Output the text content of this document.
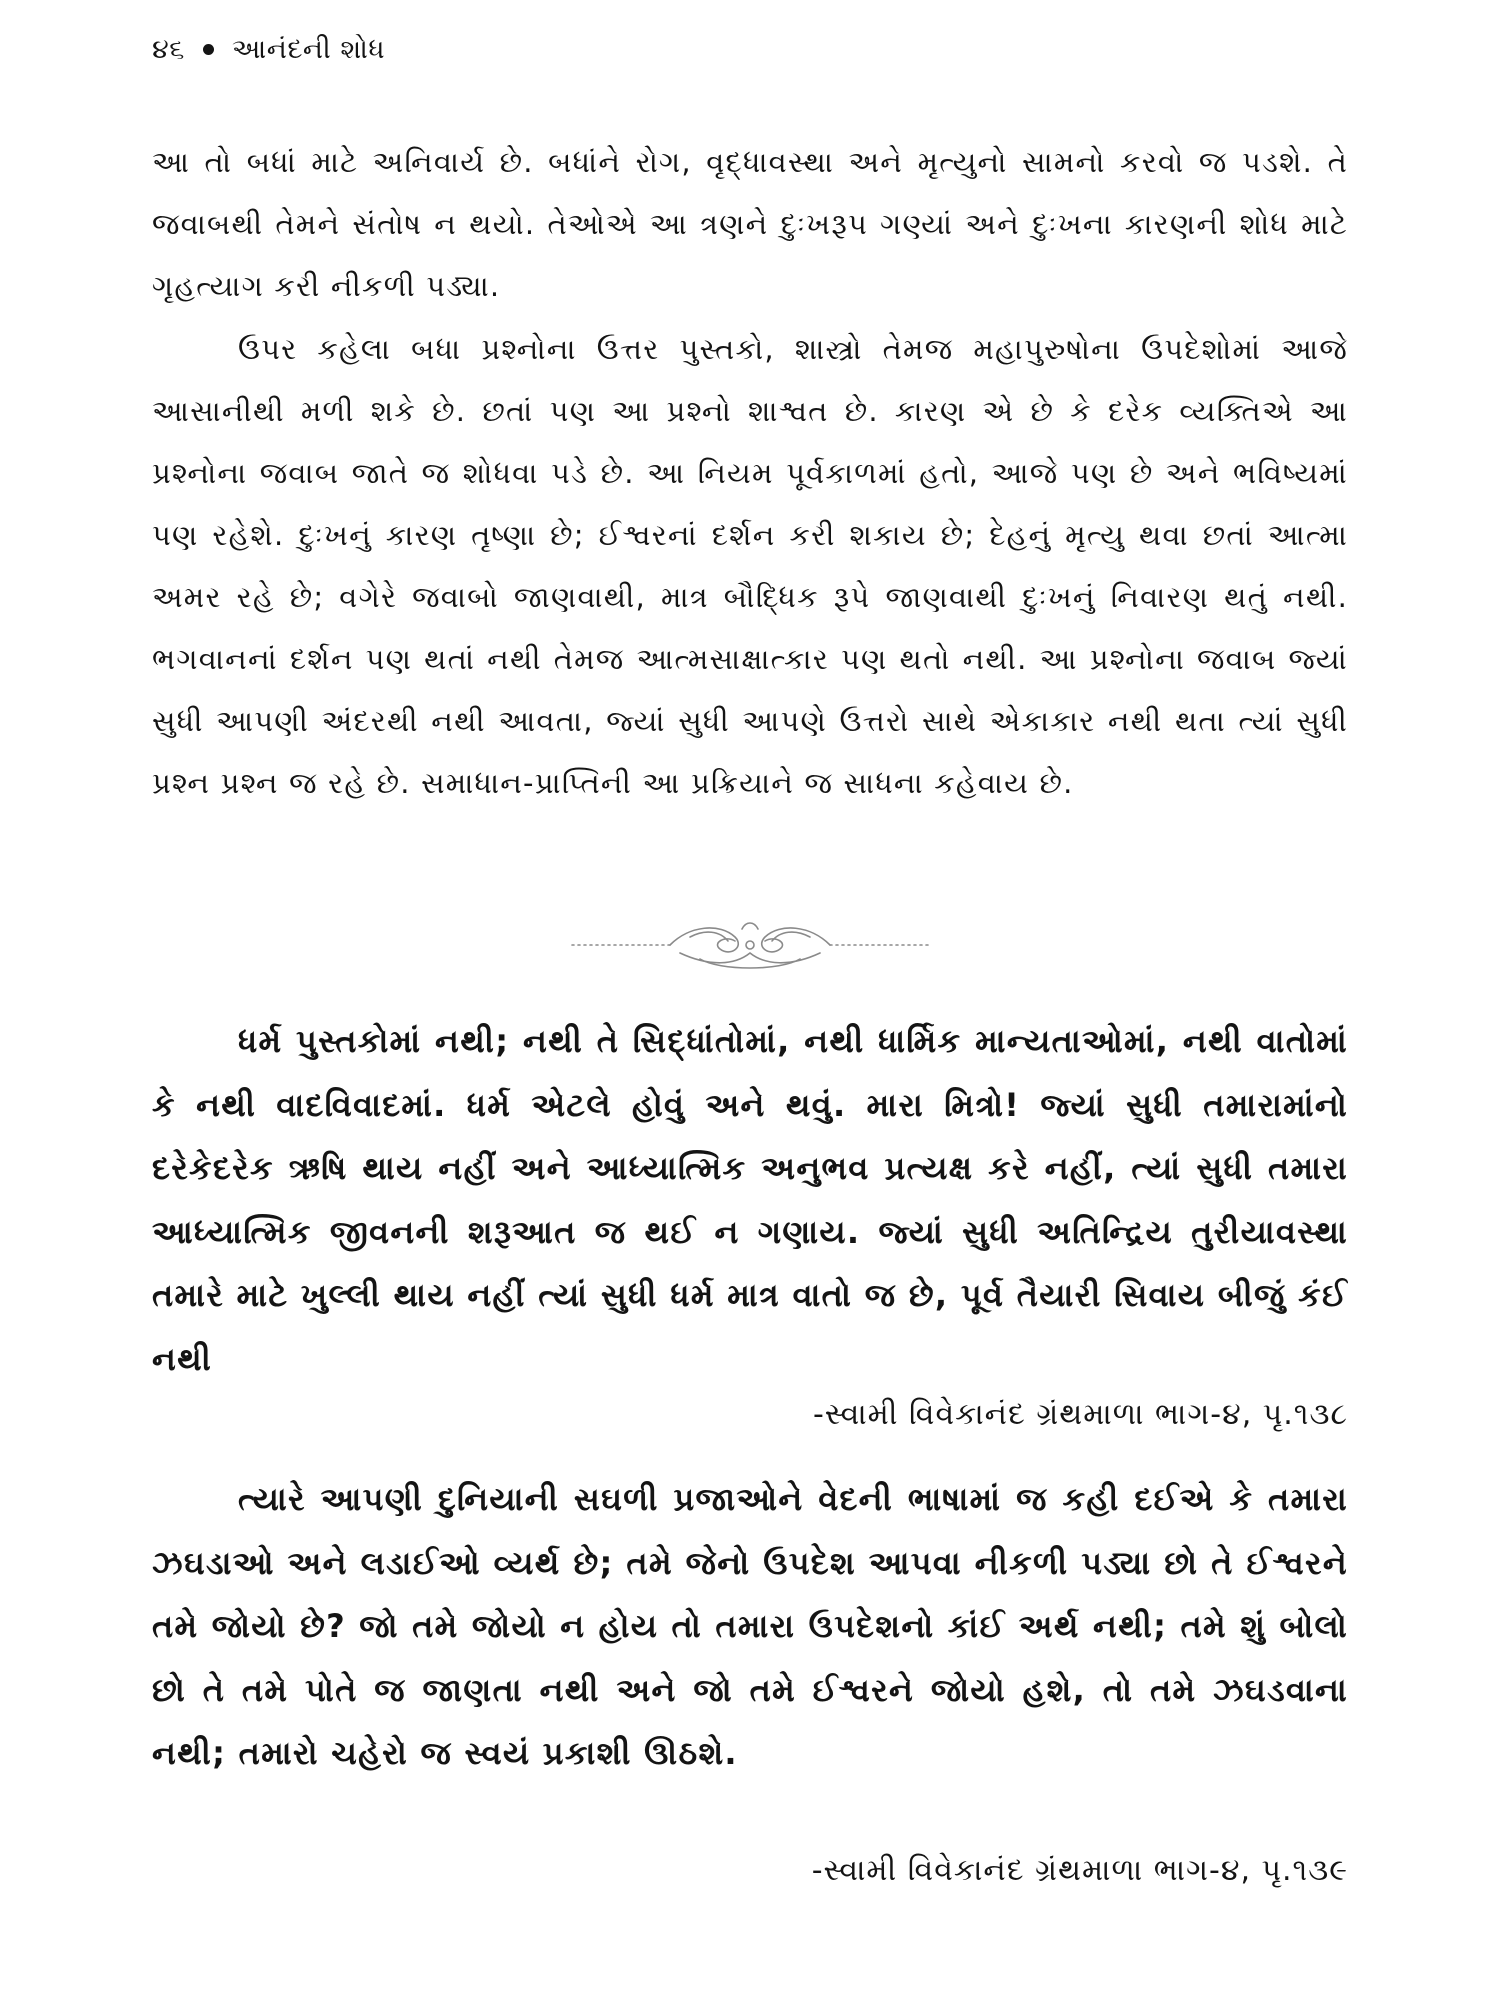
૪૬ આનંદની શોધ

આ તો બધાં માટે અનિવાર્ય છે. બધાંને રોગ, વૃદ્ધાવસ્થા અને મૃત્યુનો સામનો કરવો જ પડશે. તે જવાબથી તેમને સંતોષ ન થયો. તેઓએ આ ત્રણને દુઃખરૂપ ગણ્યાં અને દુઃખના કારણની શોધ માટે ગૃહત્યાગ કરી નીકળી પડ્યા.

ઉપર કહેલા બધા પ્રશ્નોના ઉત્તર પુસ્તકો, શાસ્ત્રો તેમજ મહાપુરુષોના ઉપદેશોમાં આજે આસાનીથી મળી શકે છે. છતાં પણ આ પ્રશ્નો શાશ્વત છે. કારણ એ છે કે દરેક વ્યક્તિએ આ પ્રશ્નોના જવાબ જાતે જ શોધવા પડે છે. આ નિયમ પૂર્વકાળમાં હતો, આજે પણ છે અને ભવિષ્યમાં પણ રહેશે. દુઃખનું કારણ તૃષ્ણા છે; ઈશ્વરનાં દર્શન કરી શકાય છે; દેહનું મૃત્યુ થવા છતાં આત્મા અમર રહે છે; વગેરે જવાબો જાણવાથી, માત્ર બૌદ્ધિક રૂપે જાણવાથી દુઃખનું નિવારણ થતું નથી. ભગવાનનાં દર્શન પણ થતાં નથી તેમજ આત્મસાક્ષાત્કાર પણ થતો નથી. આ પ્રશ્નોના જવાબ જ્યાં સુધી આપણી અંદરથી નથી આવતા, જ્યાં સુધી આપણે ઉત્તરો સાથે એકાકાર નથી થતા ત્યાં સુધી પ્રશ્ન પ્રશ્ન જ રહે છે. સમાધાન-પ્રાપ્તિની આ પ્રક્રિયાને જ સાધના કહેવાય છે.

ધર્મ પુસ્તકોમાં નથી; નથી તે સિદ્ધાંતોમાં, નથી ધાર્મિક માન્યતાઓમાં, નથી વાતોમાં કે નથી વાદવિવાદમાં. ધર્મ એટલે હોવું અને થવું. મારા મિત્રો! જ્યાં સુધી તમારામાંનો દરેકેદરેક ઋષિ થાય નહીં અને આધ્યાત્મિક અનુભવ પ્રત્યક્ષ કરે નહીં, ત્યાં સુધી તમારા આધ્યાત્મિક જીવનની શરૂઆત જ થઈ ન ગણાય. જ્યાં સુધી અતિન્દ્રિય તુરીયાવસ્થા તમારે માટે ખુલ્લી થાય નહીં ત્યાં સુધી ધર્મ માત્ર વાતો જ છે, પૂર્વ તૈયારી સિવાય બીજું કંઈ નથી

-સ્વામી વિવેકાનંદ ગ્રંથમાળા ભાગ-૪, પૃ.૧૩૮

ત્યારે આપણી દુનિયાની સઘળી પ્રજાઓને વેદની ભાષામાં જ કહી દઈએ કે તમારા ઝઘડાઓ અને લડાઈઓ વ્યર્થ છે; તમે જેનો ઉપદેશ આપવા નીકળી પડ્યા છો તે ઈશ્વરને તમે જોયો છે? જો તમે જોયો ન હોય તો તમારા ઉપદેશનો કાંઈ અર્થ નથી; તમે શું બોલો છો તે તમે પોતે જ જાણતા નથી અને જો તમે ઈશ્વરને જોયો હશે, તો તમે ઝઘડવાના નથી; તમારો ચહેરો જ સ્વયં પ્રકાશી ઊઠશે.

-સ્વામી વિવેકાનંદ ગ્રંથમાળા ભાગ-૪, પૃ.૧૩૯
